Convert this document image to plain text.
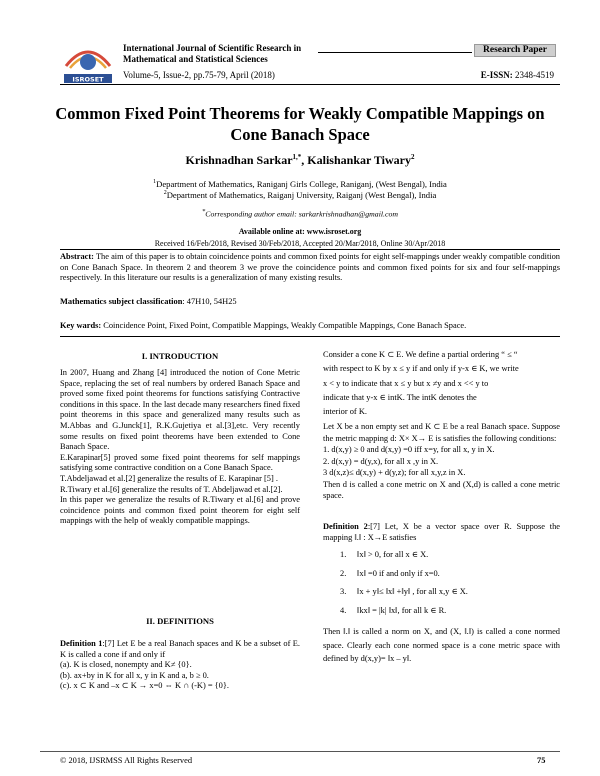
ISROSET
International Journal of Scientific Research in
Mathematical and Statistical Sciences
Research Paper
Volume-5, Issue-2, pp.75-79, April (2018)	E-ISSN: 2348-4519
Common Fixed Point Theorems for Weakly Compatible Mappings on Cone Banach Space
Krishnadhan Sarkar$^{1,*}$, Kalishankar Tiwary$^2$
$^1$Department of Mathematics, Raniganj Girls College, Raniganj, (West Bengal), India
$^2$Department of Mathematics, Raiganj University, Raiganj (West Bengal), India
*Corresponding author email: sarkarkrishnadhan@gmail.com
Available online at: www.isroset.org
Received 16/Feb/2018, Revised 30/Feb/2018, Accepted 20/Mar/2018, Online 30/Apr/2018
Abstract: The aim of this paper is to obtain coincidence points and common fixed points for eight self-mappings under weakly compatible condition on Cone Banach Space. In theorem 2 and theorem 3 we prove the coincidence points and common fixed points for six and four self-mappings respectively. In this literature our results is a generalization of many existing results.
Mathematics subject classification: 47H10, 54H25
Key wards: Coincidence Point, Fixed Point, Compatible Mappings, Weakly Compatible Mappings, Cone Banach Space.
I. INTRODUCTION
In 2007, Huang and Zhang [4] introduced the notion of Cone Metric Space, replacing the set of real numbers by ordered Banach Space and proved some fixed point theorems for functions satisfying Contractive conditions in this space. In the last decade many researchers fined fixed point theorems in this space and generalized many results such as M.Abbas and G.Junck[1], R.K.Gujetiya et al.[3],etc. Very recently some results on fixed point theorems have been extended to Cone Banach Space.
E.Karapinar[5] proved some fixed point theorems for self mappings satisfying some contractive condition on a Cone Banach Space.
T.Abdeljawad et al.[2] generalize the results of E. Karapinar [5] .
R.Tiwary et al.[6] generalize the results of T. Abdeljawad et al.[2].
In this paper we generalize the results of R.Tiwary et al.[6] and prove coincidence points and common fixed point theorem for eight self mappings with the help of weakly compatible mappings.
II. DEFINITIONS
Definition 1:[7] Let E be a real Banach spaces and K be a subset of E. K is called a cone if and only if
(a). K is closed, nonempty and K≠ {0}.
(b). ax+by in K for all x, y in K and a, b ≥ 0.
(c). x ⊂ K and –x ⊂ K → x=0 ⇔ K ∩ (-K) = {0}.
Consider a cone K ⊂ E. We define a partial ordering “ ≤ “
with respect to K by x ≤ y if and only if y-x ∈ K, we write
x < y to indicate that x ≤ y but x ≠y and x << y to
indicate that y-x ∈ intK. The intK denotes the
interior of K.
Let X be a non empty set and K ⊂ E be a real Banach space. Suppose the metric mapping d: X× X→ E is satisfies the following conditions:
1. d(x,y) ≥ 0 and d(x,y) =0 iff x=y, for all x, y in X.
2. d(x,y) = d(y,x), for all x ,y in X.
3 d(x,z)≤ d(x,y) + d(y,z); for all x,y,z in X.
Then d is called a cone metric on X and (X,d) is called a cone metric space.
Definition 2:[7] Let, X be a vector space over R. Suppose the mapping ‖.‖ : X→E satisfies
1.	‖x‖ > 0, for all x ∈ X.
2.	‖x‖ =0 if and only if x=0.
3.	‖x + y‖≤ ‖x‖ +‖y‖ , for all x,y ∈ X.
4.	‖kx‖ = |k| ‖x‖, for all k ∈ R.
Then ‖.‖ is called a norm on X, and (X, ‖.‖) is called a cone normed space. Clearly each cone normed space is a cone metric space with defined by d(x,y)= ‖x – y‖.
© 2018, IJSRMSS All Rights Reserved	75
